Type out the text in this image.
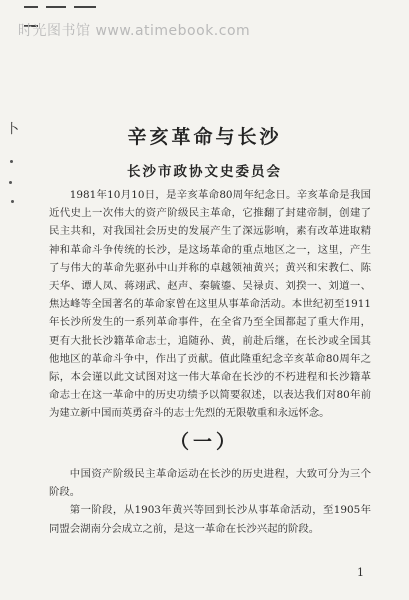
时光图书馆 www.atimebook.com
卜	辛亥革命与长沙
长沙市政协文史委员会

1981年10月10日，是辛亥革命80周年纪念日。辛亥革命是我国近代史上一次伟大的资产阶级民主革命，它推翻了封建帝制，创建了民主共和，对我国社会历史的发展产生了深远影响，素有改革进取精神和革命斗争传统的长沙，是这场革命的重点地区之一，这里，产生了与伟大的革命先驱孙中山并称的卓越领袖黄兴；黄兴和宋教仁、陈天华、谭人凤、蒋翊武、赵声、秦毓鎏、吴禄贞、刘揆一、刘道一、焦达峰等全国著名的革命家曾在这里从事革命活动。本世纪初至1911年长沙所发生的一系列革命事件，在全省乃至全国都起了重大作用，更有大批长沙籍革命志士，追随孙、黄，前赴后继，在长沙或全国其他地区的革命斗争中，作出了贡献。值此隆重纪念辛亥革命80周年之际，本会谨以此文试图对这一伟大革命在长沙的不朽进程和长沙籍革命志士在这一革命中的历史功绩予以简要叙述，以表达我们对80年前为建立新中国而英勇奋斗的志士先烈的无限敬重和永远怀念。

（一）

中国资产阶级民主革命运动在长沙的历史进程，大致可分为三个阶段。

第一阶段，从1903年黄兴等回到长沙从事革命活动，至1905年同盟会湖南分会成立之前，是这一革命在长沙兴起的阶段。

1
